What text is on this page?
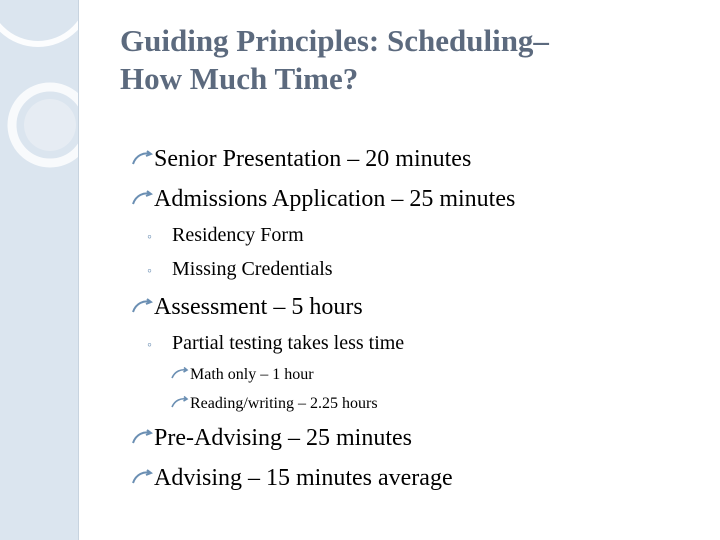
Guiding Principles: Scheduling–
How Much Time?
Senior Presentation – 20 minutes
Admissions Application – 25 minutes
◦ Residency Form
◦ Missing Credentials
Assessment – 5 hours
◦ Partial testing takes less time
Math only – 1 hour
Reading/writing – 2.25 hours
Pre-Advising – 25 minutes
Advising – 15 minutes average
